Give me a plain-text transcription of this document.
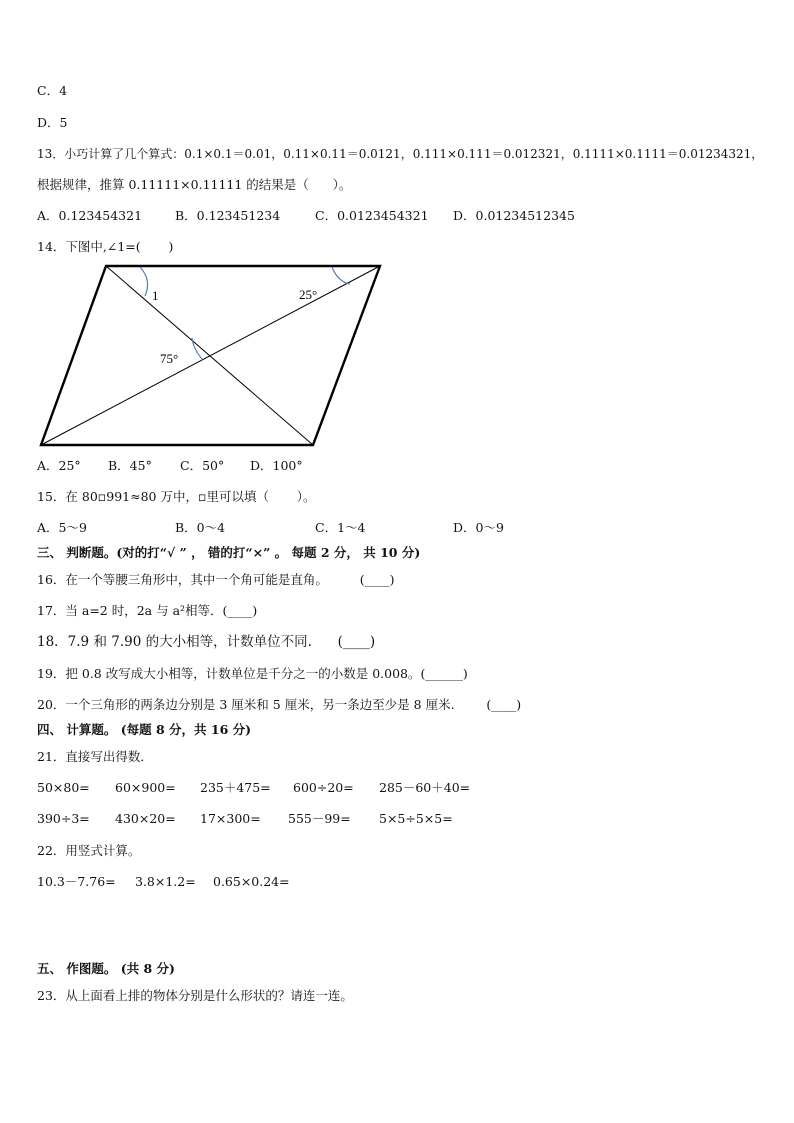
C．4
D．5
13．小巧计算了几个算式：0.1×0.1＝0.01，0.11×0.11＝0.0121，0.111×0.111＝0.012321，0.1111×0.1111＝0.01234321，
根据规律，推算 0.11111×0.11111 的结果是（      ）。
A．0.123454321	B．0.123451234	C．0.0123454321 D．0.01234512345
14．下图中,∠1=(       )
1	25°
75°
A．25° B．45° C．50° D．100°
15．在 80▫991≈80 万中，▫里可以填（       ）。
A．5～9	B．0～4	C．1～4	D．0～9
三、 判断题。(对的打“√ ” ， 错的打“×” 。 每题 2 分， 共 10 分)
16．在一个等腰三角形中，其中一个角可能是直角。        (____)
17．当 a=2 时，2a 与 a²相等．(____)
18．7.9 和 7.90 的大小相等，计数单位不同.      (____)
19．把 0.8 改写成大小相等，计数单位是千分之一的小数是 0.008。(______)
20．一个三角形的两条边分别是 3 厘米和 5 厘米，另一条边至少是 8 厘米.        (____)
四、 计算题。 (每题 8 分，共 16 分)
21．直接写出得数．
50×80= 60×900= 235＋475= 600÷20= 285－60＋40=
390÷3= 430×20= 17×300= 555－99= 5×5÷5×5=
22．用竖式计算。
10.3－7.76= 3.8×1.2= 0.65×0.24=
五、 作图题。 (共 8 分)
23．从上面看上排的物体分别是什么形状的？请连一连。
